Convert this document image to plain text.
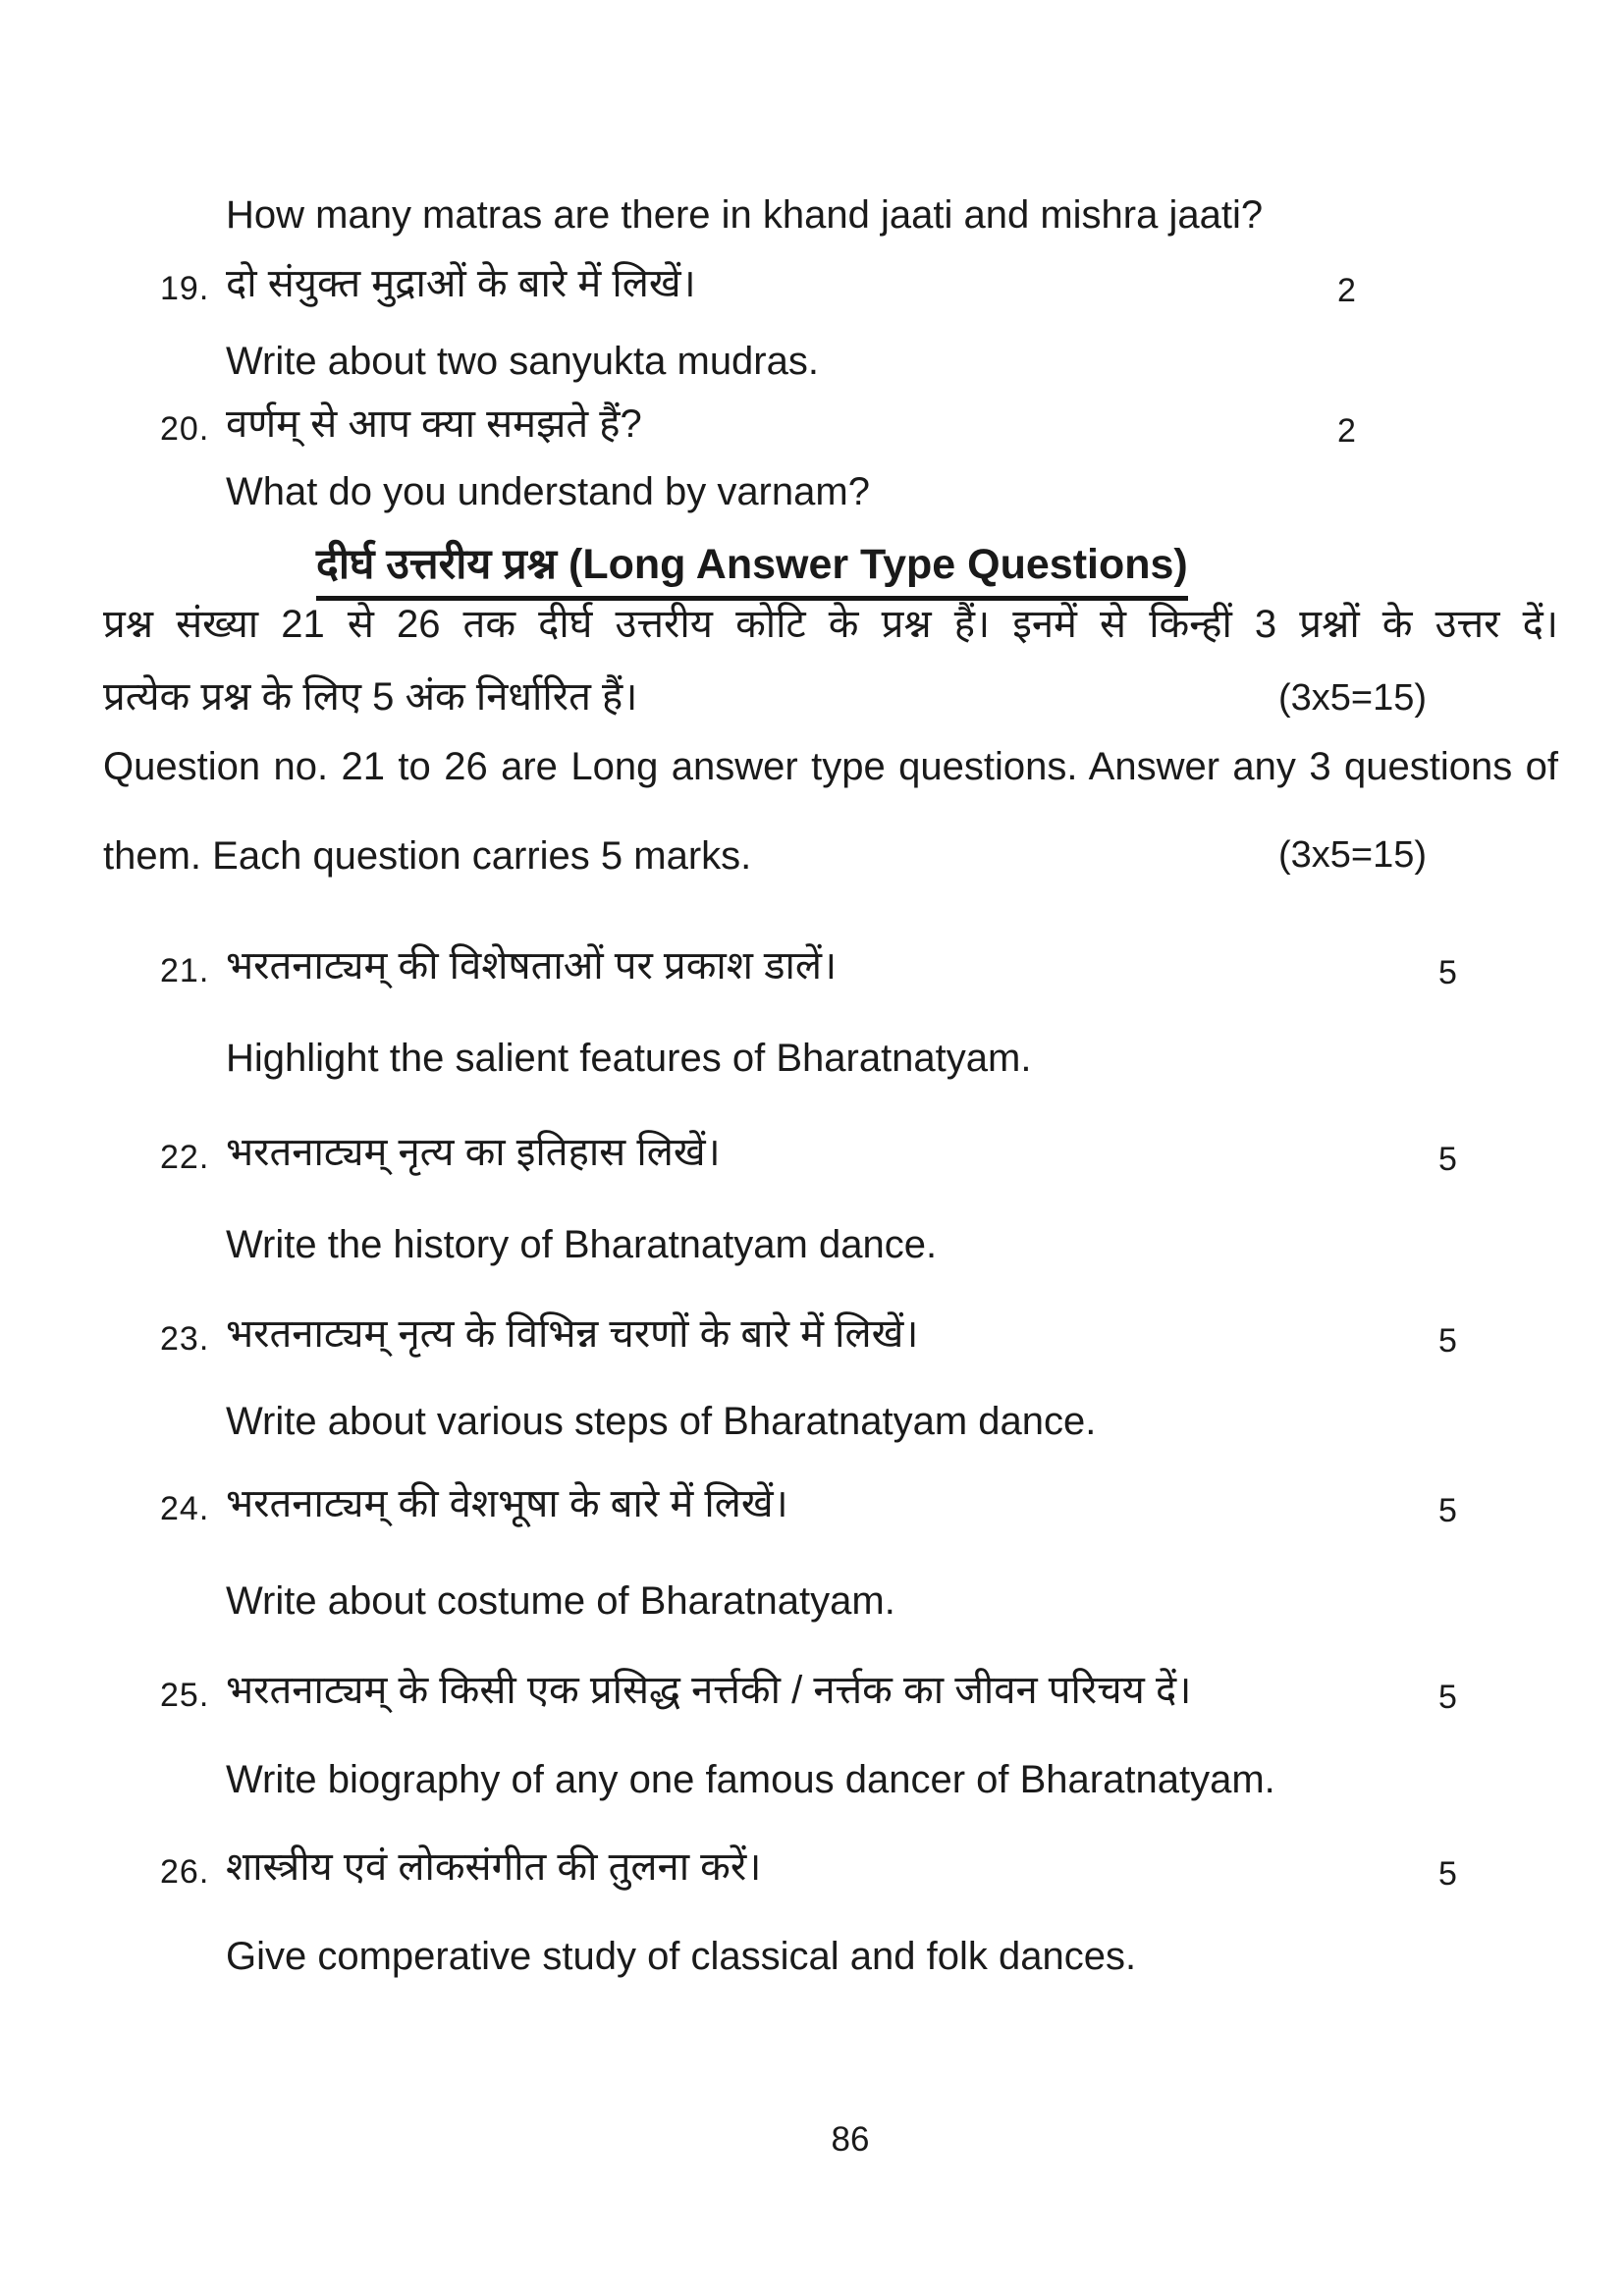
How many matras are there in khand jaati and mishra jaati?
19. दो संयुक्त मुद्राओं के बारे में लिखें।	2
Write about two sanyukta mudras.
20. वर्णम् से आप क्या समझते हैं?	2
What do you understand by varnam?
दीर्घ उत्तरीय प्रश्न (Long Answer Type Questions)
प्रश्न संख्या 21 से 26 तक दीर्घ उत्तरीय कोटि के प्रश्न हैं। इनमें से किन्हीं 3 प्रश्नों के उत्तर दें।
प्रत्येक प्रश्न के लिए 5 अंक निर्धारित हैं।	(3x5=15)
Question no. 21 to 26 are Long answer type questions. Answer any 3 questions of
them. Each question carries 5 marks.	(3x5=15)
21. भरतनाट्यम् की विशेषताओं पर प्रकाश डालें।	5
Highlight the salient features of Bharatnatyam.
22. भरतनाट्यम् नृत्य का इतिहास लिखें।	5
Write the history of Bharatnatyam dance.
23. भरतनाट्यम् नृत्य के विभिन्न चरणों के बारे में लिखें।	5
Write about various steps of Bharatnatyam dance.
24. भरतनाट्यम् की वेशभूषा के बारे में लिखें।	5
Write about costume of Bharatnatyam.
25. भरतनाट्यम् के किसी एक प्रसिद्ध नर्त्तकी / नर्त्तक का जीवन परिचय दें।	5
Write biography of any one famous dancer of Bharatnatyam.
26. शास्त्रीय एवं लोकसंगीत की तुलना करें।	5
Give comperative study of classical and folk dances.
86
